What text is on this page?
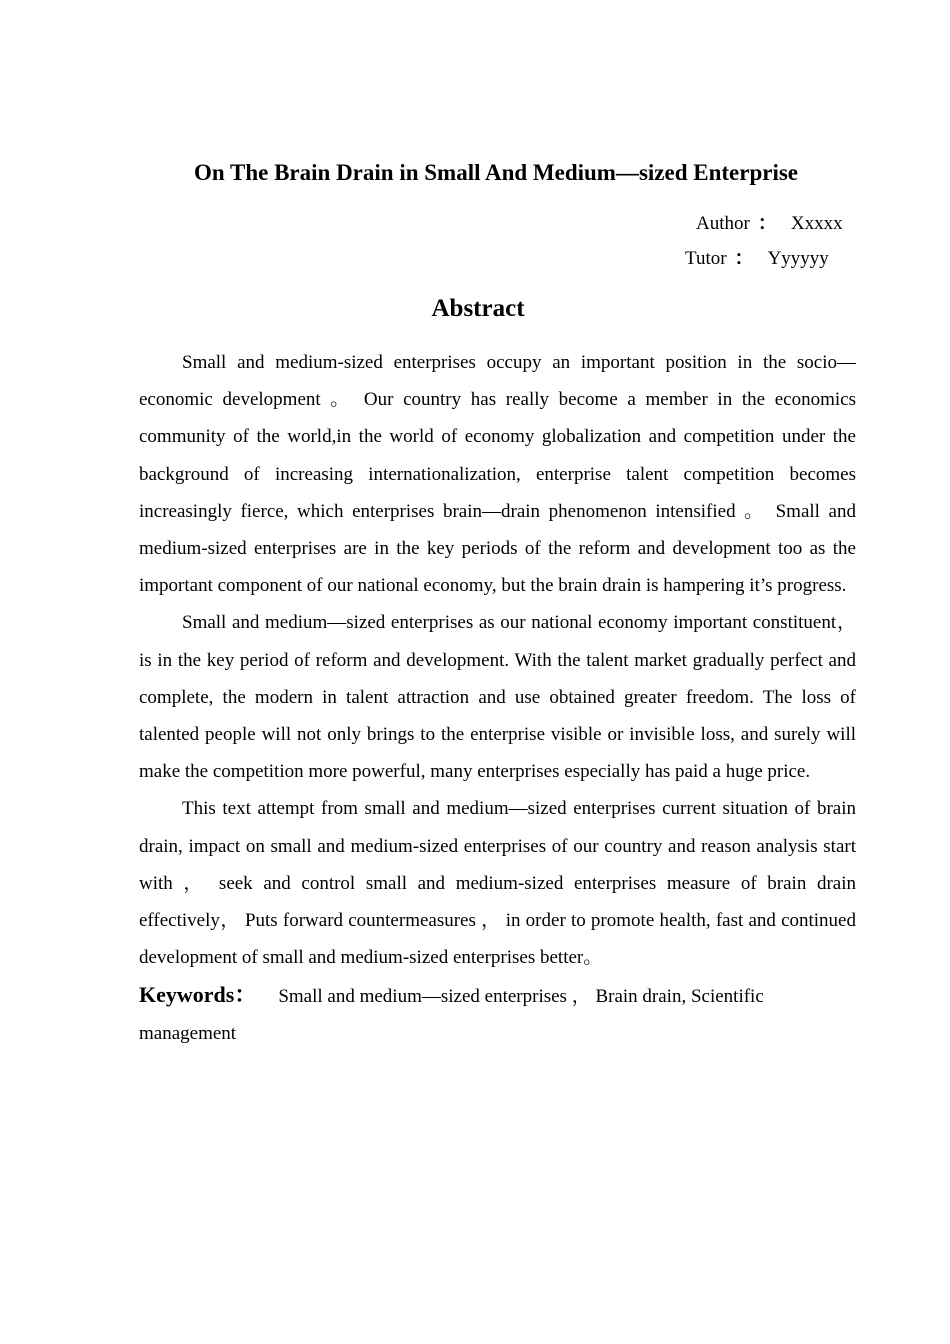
On The Brain Drain in Small And Medium—sized Enterprise
Author ： Xxxxx
Tutor ： Yyyyyy
Abstract

Small and medium-sized enterprises occupy an important position in the socio—economic development 。 Our country has really become a member in the economics community of the world,in the world of economy globalization and competition under the background of increasing internationalization, enterprise talent competition becomes increasingly fierce, which enterprises brain—drain phenomenon intensified 。 Small and medium-sized enterprises are in the key periods of the reform and development too as the important component of our national economy, but the brain drain is hampering it’s progress.

Small and medium—sized enterprises as our national economy important constituent， is in the key period of reform and development. With the talent market gradually perfect and complete, the modern in talent attraction and use obtained greater freedom. The loss of talented people will not only brings to the enterprise visible or invisible loss, and surely will make the competition more powerful, many enterprises especially has paid a huge price.

This text attempt from small and medium—sized enterprises current situation of brain drain, impact on small and medium-sized enterprises of our country and reason analysis start with ， seek and control small and medium-sized enterprises measure of brain drain effectively， Puts forward countermeasures ， in order to promote health, fast and continued development of small and medium-sized enterprises better。

Keywords： Small and medium—sized enterprises ， Brain drain, Scientific management
